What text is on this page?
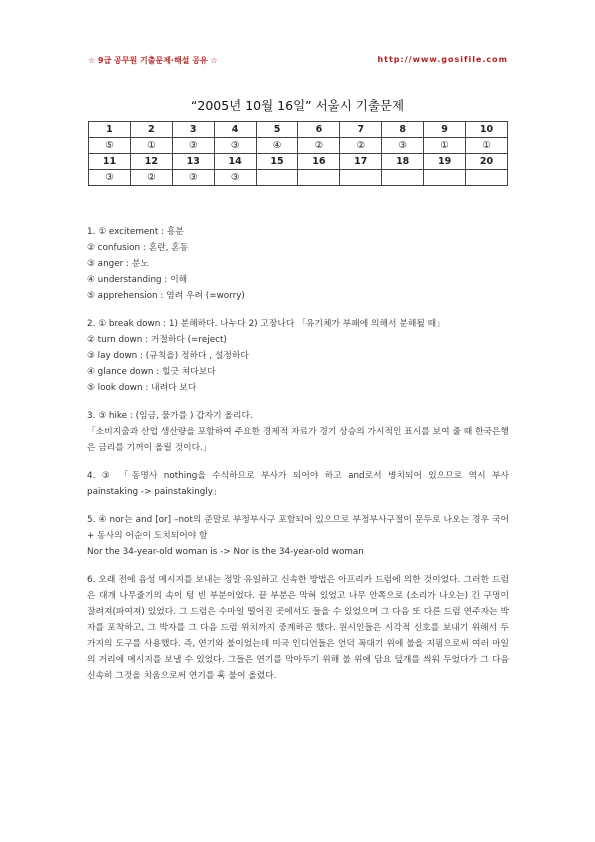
☆ 9급 공무원 기출문제·해설 공유 ☆	http://www.gosifile.com
“2005년 10월 16일” 서울시 기출문제
1	2	3	4	5	6	7	8	9	10
⑤	①	③	③	④	②	②	③	①	①
11	12	13	14	15	16	17	18	19	20
③	②	③	③						

1. ① excitement : 흥분

② confusion : 혼란, 혼동

③ anger : 분노

④ understanding : 이해

⑤ apprehension : 염려 우려 (=worry)

2. ① break down : 1) 분해하다. 나누다 2) 고장나다 「유기체가 부패에 의해서 분해될 때」

② turn down : 거절하다 (=reject)

③ lay down : (규칙을) 정하다 , 설정하다

④ glance down : 힐긋 쳐다보다

⑤ look down : 내려다 보다

3. ③ hike : (임금, 물가를 ) 갑자기 올리다.

「소비지출과 산업 생산량을 포함하여 주요한 경제적 자료가 경기 상승의 가시적인 표시를 보여 줄 때 한국은행은 금리를 기꺼이 올릴 것이다.」

4. ③ 「동명사 nothing을 수식하므로 부사가 되어야 하고 and로서 병치되어 있으므로 역시 부사 painstaking -> painstakingly」

5. ④ nor는 and [or] –not의 준말로 부정부사구 포함되어 있으므로 부정부사구절이 문두로 나오는 경우 국어 + 동사의 어순이 도치되어야 함

Nor the 34-year-old woman is -> Nor is the 34-year-old woman

6. 오래 전에 음성 메시지를 보내는 정말 유일하고 신속한 방법은 아프리카 드럼에 의한 것이었다. 그러한 드럼은 대개 나무줄기의 속이 텅 빈 부분이었다. 끝 부분은 막혀 있었고 나무 안쪽으로 (소리가 나오는) 긴 구멍이 잘려져(파여져) 있었다. 그 드럼은 수마일 떨어진 곳에서도 들을 수 있었으며 그 다음 또 다른 드럼 연주자는 박자를 포착하고, 그 박자를 그 다음 드럼 위치까지 중계하곤 했다. 원시인들은 시각적 신호를 보내기 위해서 두 가지의 도구를 사용했다. 즉, 연기와 불이었는데 미국 인디언들은 언덕 꼭대기 위에 불을 지핌으로써 여러 마일의 거리에 메시지를 보낼 수 있었다. 그들은 연기를 막아두기 위해 불 위에 담요 덮개를 씌워 두었다가 그 다음 신속히 그것을 치움으로써 연기를 훅 불어 올렸다.
